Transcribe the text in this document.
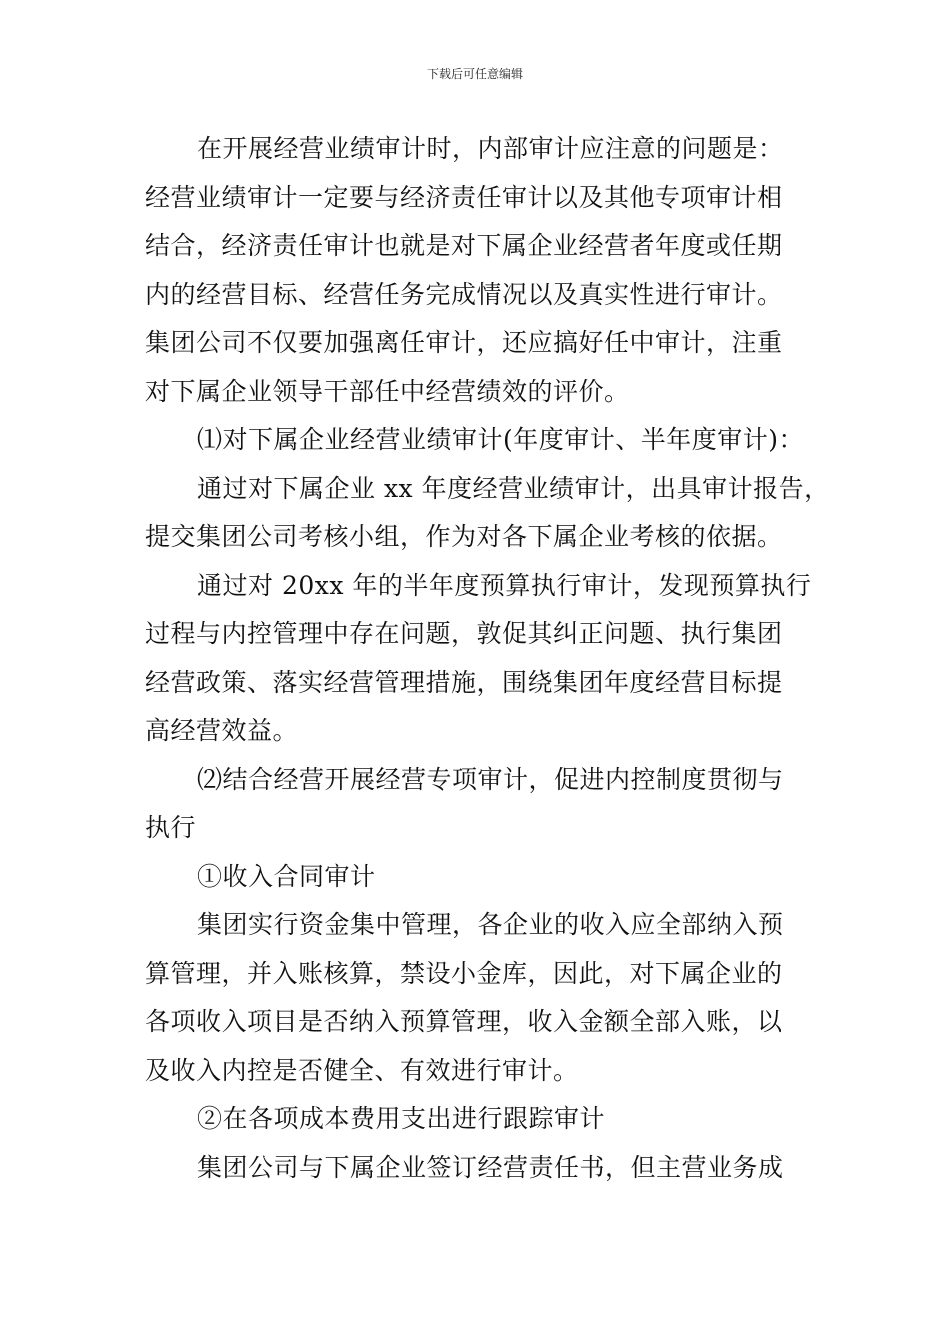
下载后可任意编辑
在开展经营业绩审计时，内部审计应注意的问题是：
经营业绩审计一定要与经济责任审计以及其他专项审计相
结合，经济责任审计也就是对下属企业经营者年度或任期
内的经营目标、经营任务完成情况以及真实性进行审计。
集团公司不仅要加强离任审计，还应搞好任中审计，注重
对下属企业领导干部任中经营绩效的评价。
⑴对下属企业经营业绩审计(年度审计、半年度审计)：
通过对下属企业 xx 年度经营业绩审计，出具审计报告，
提交集团公司考核小组，作为对各下属企业考核的依据。
通过对 20xx 年的半年度预算执行审计，发现预算执行
过程与内控管理中存在问题，敦促其纠正问题、执行集团
经营政策、落实经营管理措施，围绕集团年度经营目标提
高经营效益。
⑵结合经营开展经营专项审计，促进内控制度贯彻与
执行
①收入合同审计
集团实行资金集中管理，各企业的收入应全部纳入预
算管理，并入账核算，禁设小金库，因此，对下属企业的
各项收入项目是否纳入预算管理，收入金额全部入账，以
及收入内控是否健全、有效进行审计。
②在各项成本费用支出进行跟踪审计
集团公司与下属企业签订经营责任书，但主营业务成
